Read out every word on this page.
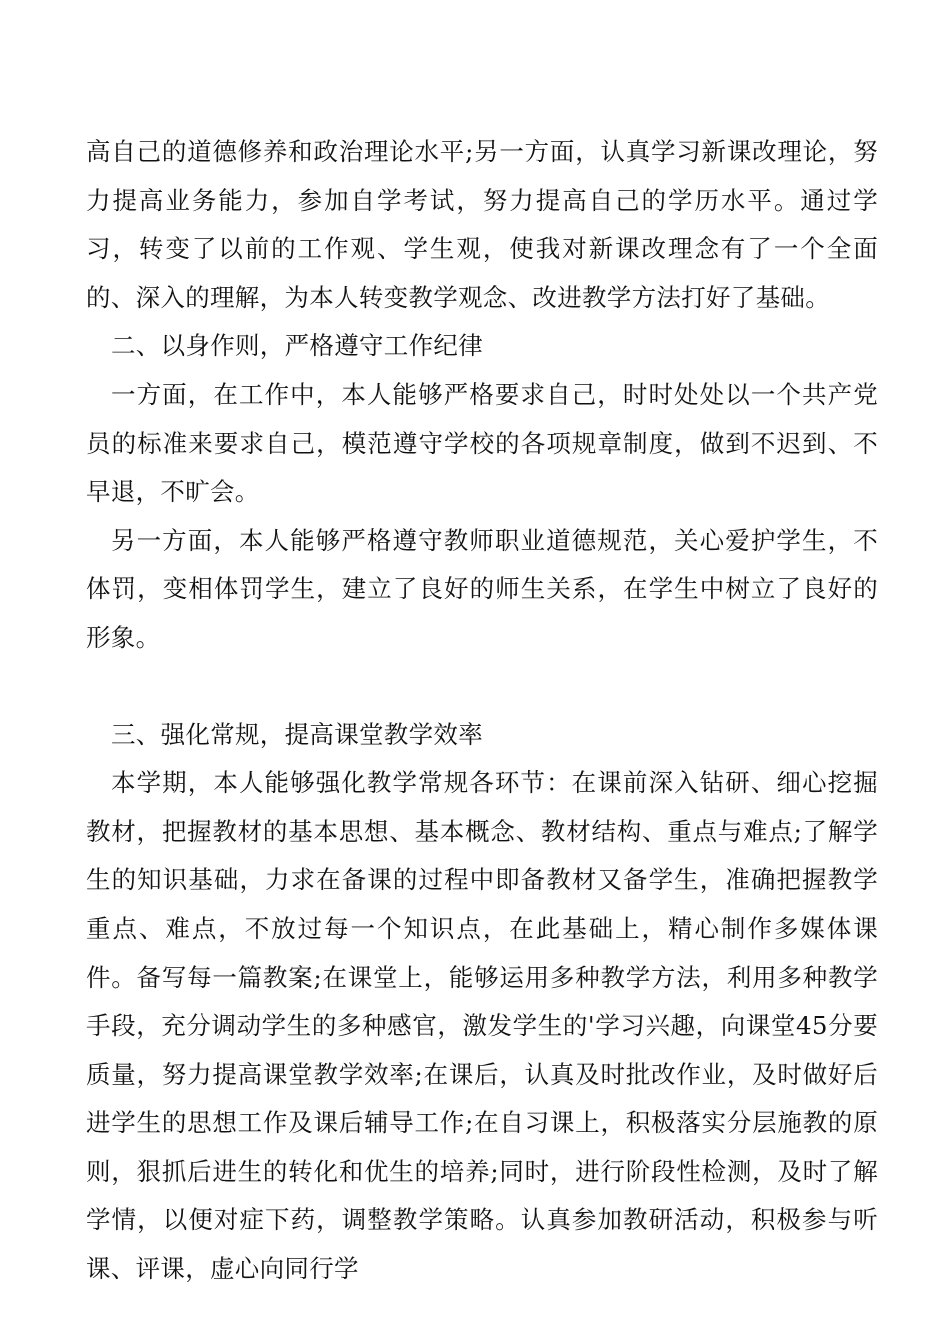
高自己的道德修养和政治理论水平;另一方面，认真学习新课改理论，努力提高业务能力，参加自学考试，努力提高自己的学历水平。通过学习，转变了以前的工作观、学生观，使我对新课改理念有了一个全面的、深入的理解，为本人转变教学观念、改进教学方法打好了基础。

二、以身作则，严格遵守工作纪律

一方面，在工作中，本人能够严格要求自己，时时处处以一个共产党员的标准来要求自己，模范遵守学校的各项规章制度，做到不迟到、不早退，不旷会。

另一方面，本人能够严格遵守教师职业道德规范，关心爱护学生，不体罚，变相体罚学生，建立了良好的师生关系，在学生中树立了良好的形象。

三、强化常规，提高课堂教学效率

本学期，本人能够强化教学常规各环节：在课前深入钻研、细心挖掘教材，把握教材的基本思想、基本概念、教材结构、重点与难点;了解学生的知识基础，力求在备课的过程中即备教材又备学生，准确把握教学重点、难点，不放过每一个知识点，在此基础上，精心制作多媒体课件。备写每一篇教案;在课堂上，能够运用多种教学方法，利用多种教学手段，充分调动学生的多种感官，激发学生的'学习兴趣，向课堂45分要质量，努力提高课堂教学效率;在课后，认真及时批改作业，及时做好后进学生的思想工作及课后辅导工作;在自习课上，积极落实分层施教的原则，狠抓后进生的转化和优生的培养;同时，进行阶段性检测，及时了解学情，以便对症下药，调整教学策略。认真参加教研活动，积极参与听课、评课，虚心向同行学
